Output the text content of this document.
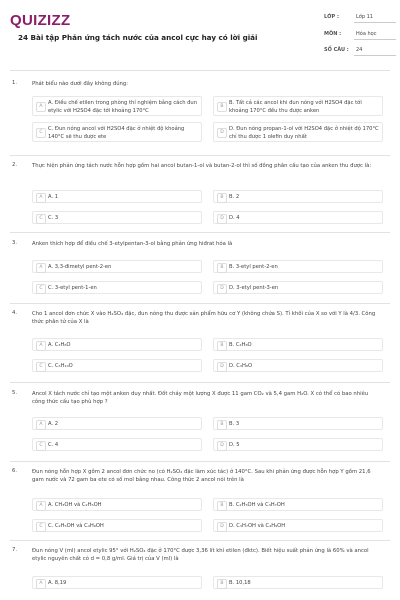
QUIZIZZ
24 Bài tập Phản ứng tách nước của ancol cực hay có lời giải
LỚP :	Lớp 11
MÔN :	Hóa học
SỐ CÂU : 24
1.	Phát biểu nào dưới đây không đúng:
A
A. Điều chế etilen trong phòng thí nghiệm bằng cách đun etylic với H2SO4 đặc tới khoảng 170°C
B
B. Tất cả các ancol khi đun nóng với H2SO4 đặc tới khoảng 170°C đều thu được anken
C
C. Đun nóng ancol với H2SO4 đặc ở nhiệt độ khoảng 140°C sẽ thu được ete
D
D. Đun nóng propan-1-ol với H2SO4 đặc ở nhiệt độ 170°C chỉ thu được 1 olefin duy nhất
2.	Thực hiện phản ứng tách nước hỗn hợp gồm hai ancol butan-1-ol và butan-2-ol thì số đồng phân cấu tạo của anken thu được là:
A	A. 1	B	B. 2
C	C. 3	D	D. 4
3.	Anken thích hợp để điều chế 3-etylpentan-3-ol bằng phản ứng hiđrat hóa là
A	A. 3,3-đimetyl pent-2-en	B	B. 3-etyl pent-2-en
C	C. 3-etyl pent-1-en	D	D. 3-etyl pent-3-en
4.	Cho 1 ancol đơn chức X vào H₂SO₄ đặc, đun nóng thu được sản phẩm hữu cơ Y (không chứa S). Tỉ khối của X so với Y là 4/3. Công thức phân tử của X là
A	A. C₃H₆O	B	B. C₄H₈O
C	C. C₅H₁₀O	D	D. C₃H₈O
5.	Ancol X tách nước chỉ tạo một anken duy nhất. Đốt cháy một lượng X được 11 gam CO₂ và 5,4 gam H₂O. X có thể có bao nhiêu công thức cấu tạo phù hợp ?
A	A. 2	B	B. 3
C	C. 4	D	D. 5
6.	Đun nóng hỗn hợp X gồm 2 ancol đơn chức no (có H₂SO₄ đặc làm xúc tác) ở 140°C. Sau khi phản ứng được hỗn hợp Y gồm 21,6 gam nước và 72 gam ba ete có số mol bằng nhau. Công thức 2 ancol nói trên là
A	A. CH₃OH và C₂H₅OH	B	B. C₂H₅OH và C₃H₇OH
C	C. C₂H₅OH và C₄H₉OH	D	D. C₃H₇OH và C₄H₉OH
7.	Đun nóng V (ml) ancol etylic 95° với H₂SO₄ đặc ở 170°C được 3,36 lít khí etilen (đktc). Biết hiệu suất phản ứng là 60% và ancol etylic nguyên chất có d = 0,8 g/ml. Giá trị của V (ml) là
A	A. 8,19	B	B. 10,18
